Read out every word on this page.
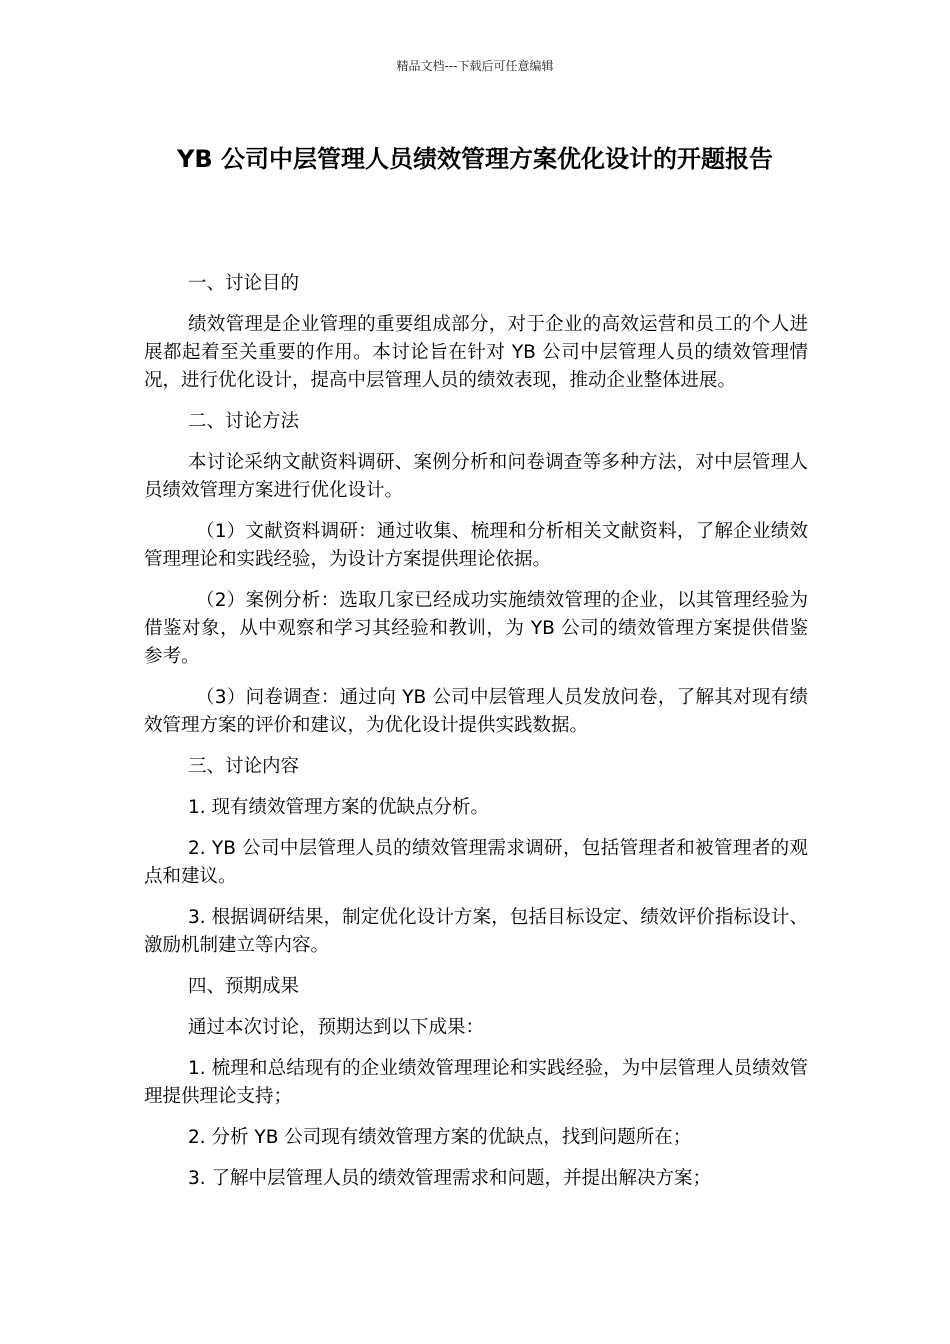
精品文档---下载后可任意编辑
YB 公司中层管理人员绩效管理方案优化设计的开题报告

一、讨论目的

绩效管理是企业管理的重要组成部分，对于企业的高效运营和员工的个人进展都起着至关重要的作用。本讨论旨在针对 YB 公司中层管理人员的绩效管理情况，进行优化设计，提高中层管理人员的绩效表现，推动企业整体进展。

二、讨论方法

本讨论采纳文献资料调研、案例分析和问卷调查等多种方法，对中层管理人员绩效管理方案进行优化设计。

（1）文献资料调研：通过收集、梳理和分析相关文献资料，了解企业绩效管理理论和实践经验，为设计方案提供理论依据。

（2）案例分析：选取几家已经成功实施绩效管理的企业，以其管理经验为借鉴对象，从中观察和学习其经验和教训，为 YB 公司的绩效管理方案提供借鉴参考。

（3）问卷调查：通过向 YB 公司中层管理人员发放问卷，了解其对现有绩效管理方案的评价和建议，为优化设计提供实践数据。

三、讨论内容

1. 现有绩效管理方案的优缺点分析。

2. YB 公司中层管理人员的绩效管理需求调研，包括管理者和被管理者的观点和建议。

3. 根据调研结果，制定优化设计方案，包括目标设定、绩效评价指标设计、激励机制建立等内容。

四、预期成果

通过本次讨论，预期达到以下成果：

1. 梳理和总结现有的企业绩效管理理论和实践经验，为中层管理人员绩效管理提供理论支持；

2. 分析 YB 公司现有绩效管理方案的优缺点，找到问题所在；

3. 了解中层管理人员的绩效管理需求和问题，并提出解决方案；
